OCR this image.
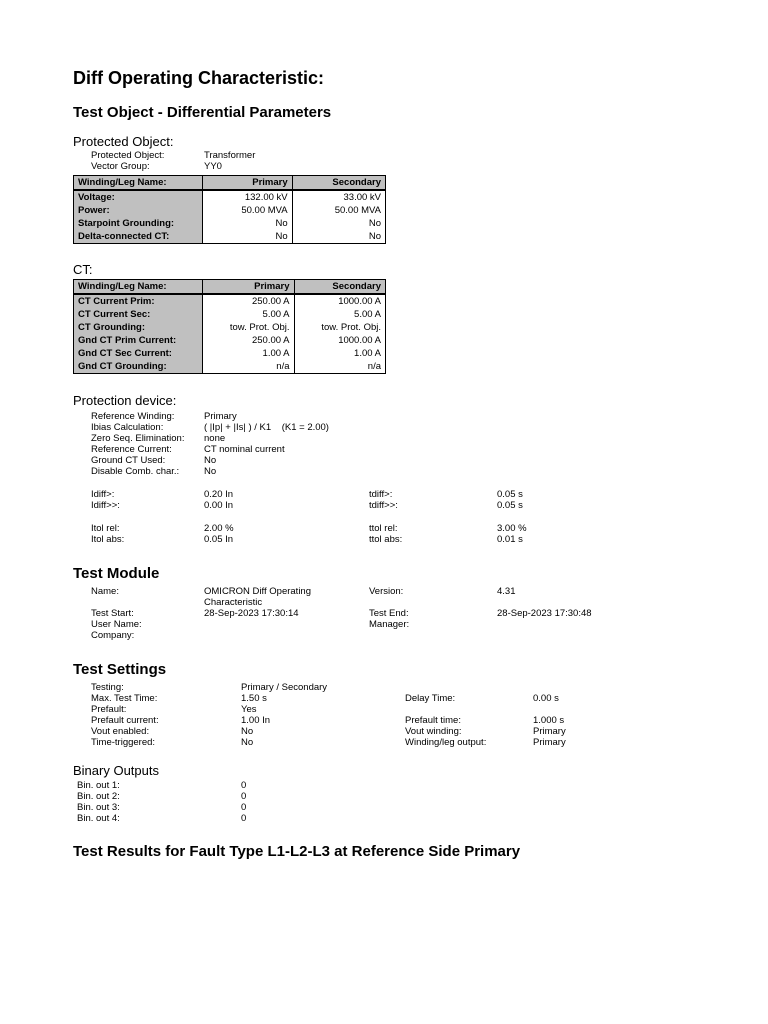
Diff Operating Characteristic:
Test Object - Differential Parameters
Protected Object:
Protected Object:	Transformer
Vector Group:	YY0
Winding/Leg Name:	Primary	Secondary
Voltage:	132.00 kV	33.00 kV
Power:	50.00 MVA	50.00 MVA
Starpoint Grounding:	No	No
Delta-connected CT:	No	No
CT:
Winding/Leg Name:	Primary	Secondary
CT Current Prim:	250.00 A	1000.00 A
CT Current Sec:	5.00 A	5.00 A
CT Grounding:	tow. Prot. Obj.	tow. Prot. Obj.
Gnd CT Prim Current:	250.00 A	1000.00 A
Gnd CT Sec Current:	1.00 A	1.00 A
Gnd CT Grounding:	n/a	n/a
Protection device:
Reference Winding:	Primary
Ibias Calculation:	( |Ip| + |Is| ) / K1    (K1 = 2.00)
Zero Seq. Elimination: none
Reference Current:	CT nominal current
Ground CT Used:	No
Disable Comb. char.:	No
Idiff>:	0.20 In	tdiff>:	0.05 s
Idiff>>:	0.00 In	tdiff>>:	0.05 s
Itol rel:	2.00 %	ttol rel:	3.00 %
Itol abs:	0.05 In	ttol abs:	0.01 s
Test Module
Name:	OMICRON Diff Operating Characteristic
Version:	4.31
Test Start:	28-Sep-2023 17:30:14	Test End:	28-Sep-2023 17:30:48
User Name:	Manager:
Company:
Test Settings
Testing:	Primary / Secondary
Max. Test Time:	1.50 s	Delay Time:	0.00 s
Prefault:	Yes
Prefault current:	1.00 In	Prefault time:	1.000 s
Vout enabled:	No	Vout winding:	Primary
Time-triggered:	No	Winding/leg output:	Primary
Binary Outputs
Bin. out 1:	0
Bin. out 2:	0
Bin. out 3:	0
Bin. out 4:	0
Test Results for Fault Type L1-L2-L3 at Reference Side Primary
